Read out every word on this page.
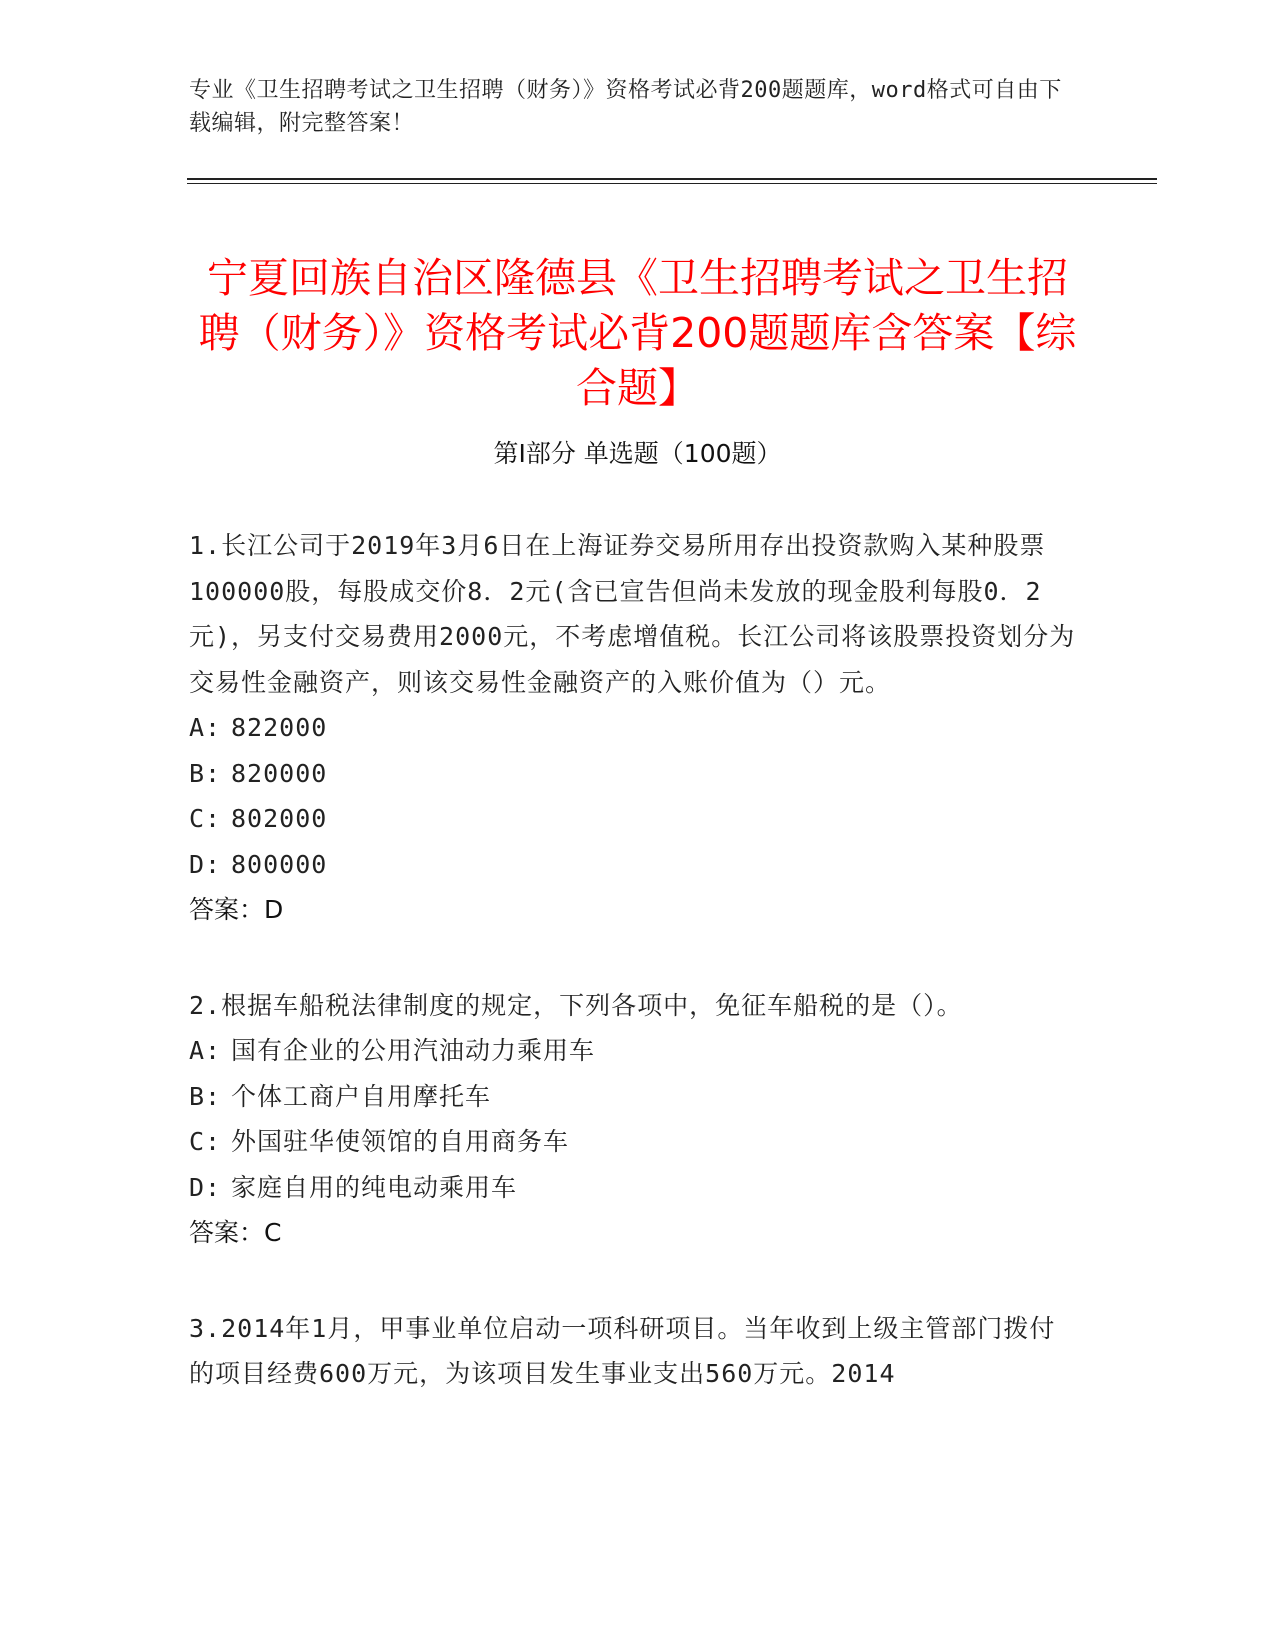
专业《卫生招聘考试之卫生招聘（财务）》资格考试必背200题题库，word格式可自由下载编辑，附完整答案！
宁夏回族自治区隆德县《卫生招聘考试之卫生招聘（财务）》资格考试必背200题题库含答案【综合题】
第I部分 单选题（100题）
1.长江公司于2019年3月6日在上海证券交易所用存出投资款购入某种股票100000股，每股成交价8．2元(含已宣告但尚未发放的现金股利每股0．2元)，另支付交易费用2000元，不考虑增值税。长江公司将该股票投资划分为交易性金融资产，则该交易性金融资产的入账价值为（）元。
A: 822000
B: 820000
C: 802000
D: 800000
答案：D
2.根据车船税法律制度的规定，下列各项中，免征车船税的是（）。
A: 国有企业的公用汽油动力乘用车
B: 个体工商户自用摩托车
C: 外国驻华使领馆的自用商务车
D: 家庭自用的纯电动乘用车
答案：C
3.2014年1月，甲事业单位启动一项科研项目。当年收到上级主管部门拨付的项目经费600万元，为该项目发生事业支出560万元。2014
